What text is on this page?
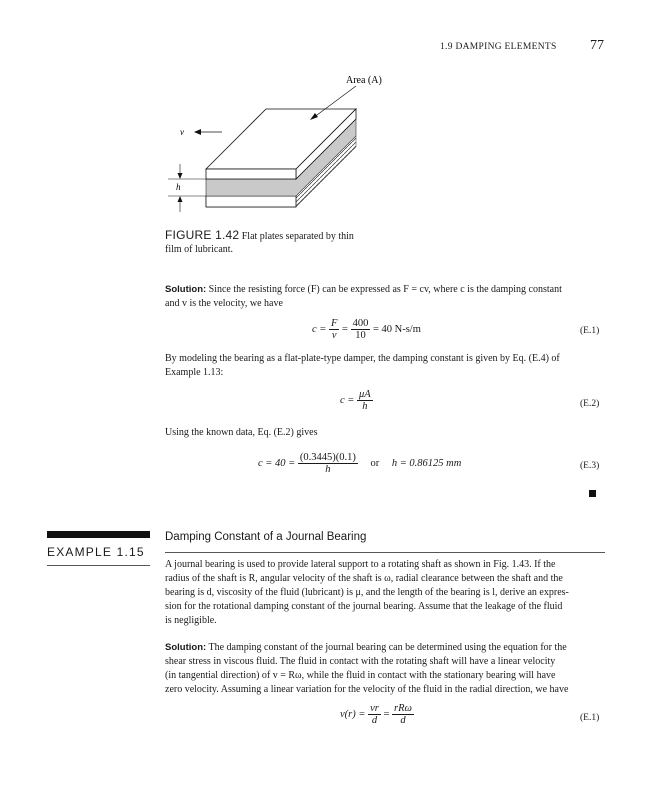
1.9 DAMPING ELEMENTS 77
Area (A)
v
h
FIGURE 1.42 Flat plates separated by thin
film of lubricant.
Solution: Since the resisting force (F) can be expressed as F = cv, where c is the damping constant
and v is the velocity, we have
$c = \frac{F}{v} = \frac{400}{10} = 40$ N-s/m	(E.1)
By modeling the bearing as a flat-plate-type damper, the damping constant is given by Eq. (E.4) of
Example 1.13:
$c = \frac{\mu A}{h}$	(E.2)
Using the known data, Eq. (E.2) gives
$c = 40 = \frac{(0.3445)(0.1)}{h}$ or h = 0.86125 mm	(E.3)
EXAMPLE 1.15
Damping Constant of a Journal Bearing
A journal bearing is used to provide lateral support to a rotating shaft as shown in Fig. 1.43. If the
radius of the shaft is R, angular velocity of the shaft is ω, radial clearance between the shaft and the
bearing is d, viscosity of the fluid (lubricant) is μ, and the length of the bearing is l, derive an expres-
sion for the rotational damping constant of the journal bearing. Assume that the leakage of the fluid
is negligible.
Solution: The damping constant of the journal bearing can be determined using the equation for the
shear stress in viscous fluid. The fluid in contact with the rotating shaft will have a linear velocity
(in tangential direction) of v = Rω, while the fluid in contact with the stationary bearing will have
zero velocity. Assuming a linear variation for the velocity of the fluid in the radial direction, we have
$v(r) = \frac{vr}{d} = \frac{\text{rRω}}{d}$	(E.1)
